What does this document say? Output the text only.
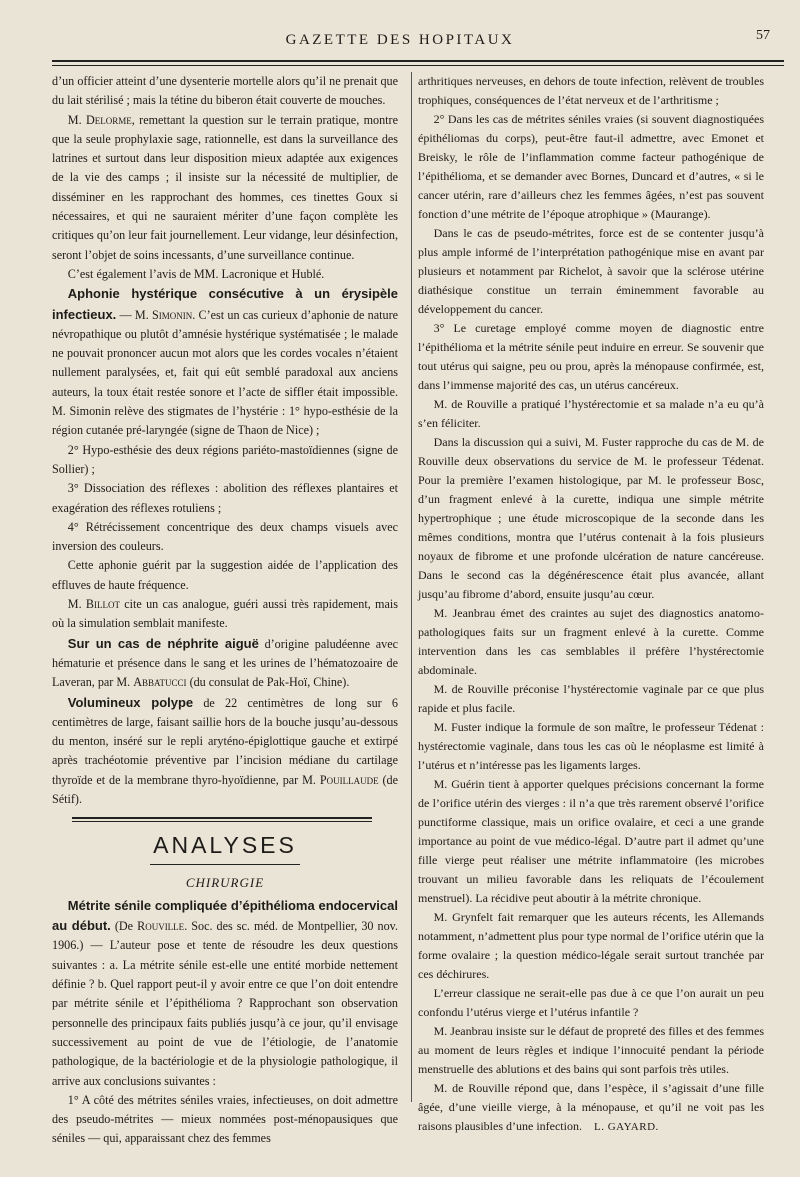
GAZETTE DES HOPITAUX	57

d’un officier atteint d’une dysenterie mortelle alors qu’il ne prenait que du lait stérilisé ; mais la tétine du biberon était couverte de mouches.

M. Delorme, remettant la question sur le terrain pratique, montre que la seule prophylaxie sage, rationnelle, est dans la surveillance des latrines et surtout dans leur disposition mieux adaptée aux exigences de la vie des camps ; il insiste sur la nécessité de multiplier, de disséminer en les rapprochant des hommes, ces tinettes Goux si nécessaires, et qui ne sauraient mériter d’une façon complète les critiques qu’on leur fait journellement. Leur vidange, leur désinfection, seront l’objet de soins incessants, d’une surveillance continue.

C’est également l’avis de MM. Lacronique et Hublé.

Aphonie hystérique consécutive à un érysipèle infectieux. — M. Simonin. C’est un cas curieux d’aphonie de nature névropathique ou plutôt d’amnésie hystérique systématisée ; le malade ne pouvait prononcer aucun mot alors que les cordes vocales n’étaient nullement paralysées, et, fait qui eût semblé paradoxal aux anciens auteurs, la toux était restée sonore et l’acte de siffler était impossible. M. Simonin relève des stigmates de l’hystérie : 1° hypo-esthésie de la région cutanée pré-laryngée (signe de Thaon de Nice) ;

2° Hypo-esthésie des deux régions pariéto-mastoïdiennes (signe de Sollier) ;

3° Dissociation des réflexes : abolition des réflexes plantaires et exagération des réflexes rotuliens ;

4° Rétrécissement concentrique des deux champs visuels avec inversion des couleurs.

Cette aphonie guérit par la suggestion aidée de l’application des effluves de haute fréquence.

M. Billot cite un cas analogue, guéri aussi très rapidement, mais où la simulation semblait manifeste.

Sur un cas de néphrite aiguë d’origine paludéenne avec hématurie et présence dans le sang et les urines de l’hématozoaire de Laveran, par M. Abbatucci (du consulat de Pak-Hoï, Chine).

Volumineux polype de 22 centimètres de long sur 6 centimètres de large, faisant saillie hors de la bouche jusqu’au-dessous du menton, inséré sur le repli aryténo-épiglottique gauche et extirpé après trachéotomie préventive par l’incision médiane du cartilage thyroïde et de la membrane thyro-hyoïdienne, par M. Pouillaude (de Sétif).

ANALYSES
CHIRURGIE

Métrite sénile compliquée d’épithélioma endocervical au début. (De Rouville. Soc. des sc. méd. de Montpellier, 30 nov. 1906.) — L’auteur pose et tente de résoudre les deux questions suivantes : a. La métrite sénile est-elle une entité morbide nettement définie ? b. Quel rapport peut-il y avoir entre ce que l’on doit entendre par métrite sénile et l’épithélioma ? Rapprochant son observation personnelle des principaux faits publiés jusqu’à ce jour, qu’il envisage successivement au point de vue de l’étiologie, de l’anatomie pathologique, de la bactériologie et de la physiologie pathologique, il arrive aux conclusions suivantes :

1° A côté des métrites séniles vraies, infectieuses, on doit admettre des pseudo-métrites — mieux nommées post-ménopausiques que séniles — qui, apparaissant chez des femmes

arthritiques nerveuses, en dehors de toute infection, relèvent de troubles trophiques, conséquences de l’état nerveux et de l’arthritisme ;

2° Dans les cas de métrites séniles vraies (si souvent diagnostiquées épithéliomas du corps), peut-être faut-il admettre, avec Emonet et Breisky, le rôle de l’inflammation comme facteur pathogénique de l’épithélioma, et se demander avec Bornes, Duncard et d’autres, « si le cancer utérin, rare d’ailleurs chez les femmes âgées, n’est pas souvent fonction d’une métrite de l’époque atrophique » (Maurange).

Dans le cas de pseudo-métrites, force est de se contenter jusqu’à plus ample informé de l’interprétation pathogénique mise en avant par plusieurs et notamment par Richelot, à savoir que la sclérose utérine diathésique constitue un terrain éminemment favorable au développement du cancer.

3° Le curetage employé comme moyen de diagnostic entre l’épithélioma et la métrite sénile peut induire en erreur. Se souvenir que tout utérus qui saigne, peu ou prou, après la ménopause confirmée, est, dans l’immense majorité des cas, un utérus cancéreux.

M. de Rouville a pratiqué l’hystérectomie et sa malade n’a eu qu’à s’en féliciter.

Dans la discussion qui a suivi, M. Fuster rapproche du cas de M. de Rouville deux observations du service de M. le professeur Tédenat. Pour la première l’examen histologique, par M. le professeur Bosc, d’un fragment enlevé à la curette, indiqua une simple métrite hypertrophique ; une étude microscopique de la seconde dans les mêmes conditions, montra que l’utérus contenait à la fois plusieurs noyaux de fibrome et une profonde ulcération de nature cancéreuse. Dans le second cas la dégénérescence était plus avancée, allant jusqu’au fibrome d’abord, ensuite jusqu’au cœur.

M. Jeanbrau émet des craintes au sujet des diagnostics anatomo-pathologiques faits sur un fragment enlevé à la curette. Comme intervention dans les cas semblables il préfère l’hystérectomie abdominale.

M. de Rouville préconise l’hystérectomie vaginale par ce que plus rapide et plus facile.

M. Fuster indique la formule de son maître, le professeur Tédenat : hystérectomie vaginale, dans tous les cas où le néoplasme est limité à l’utérus et n’intéresse pas les ligaments larges.

M. Guérin tient à apporter quelques précisions concernant la forme de l’orifice utérin des vierges : il n’a que très rarement observé l’orifice punctiforme classique, mais un orifice ovalaire, et ceci a une grande importance au point de vue médico-légal. D’autre part il admet qu’une fille vierge peut réaliser une métrite inflammatoire (les microbes trouvant un milieu favorable dans les reliquats de l’écoulement menstruel). La récidive peut aboutir à la métrite chronique.

M. Grynfelt fait remarquer que les auteurs récents, les Allemands notamment, n’admettent plus pour type normal de l’orifice utérin que la forme ovalaire ; la question médico-légale serait surtout tranchée par ces déchirures.

L’erreur classique ne serait-elle pas due à ce que l’on aurait un peu confondu l’utérus vierge et l’utérus infantile ?

M. Jeanbrau insiste sur le défaut de propreté des filles et des femmes au moment de leurs règles et indique l’innocuité pendant la période menstruelle des ablutions et des bains qui sont parfois très utiles.

M. de Rouville répond que, dans l’espèce, il s’agissait d’une fille âgée, d’une vieille vierge, à la ménopause, et qu’il ne voit pas les raisons plausibles d’une infection. L. GAYARD.
